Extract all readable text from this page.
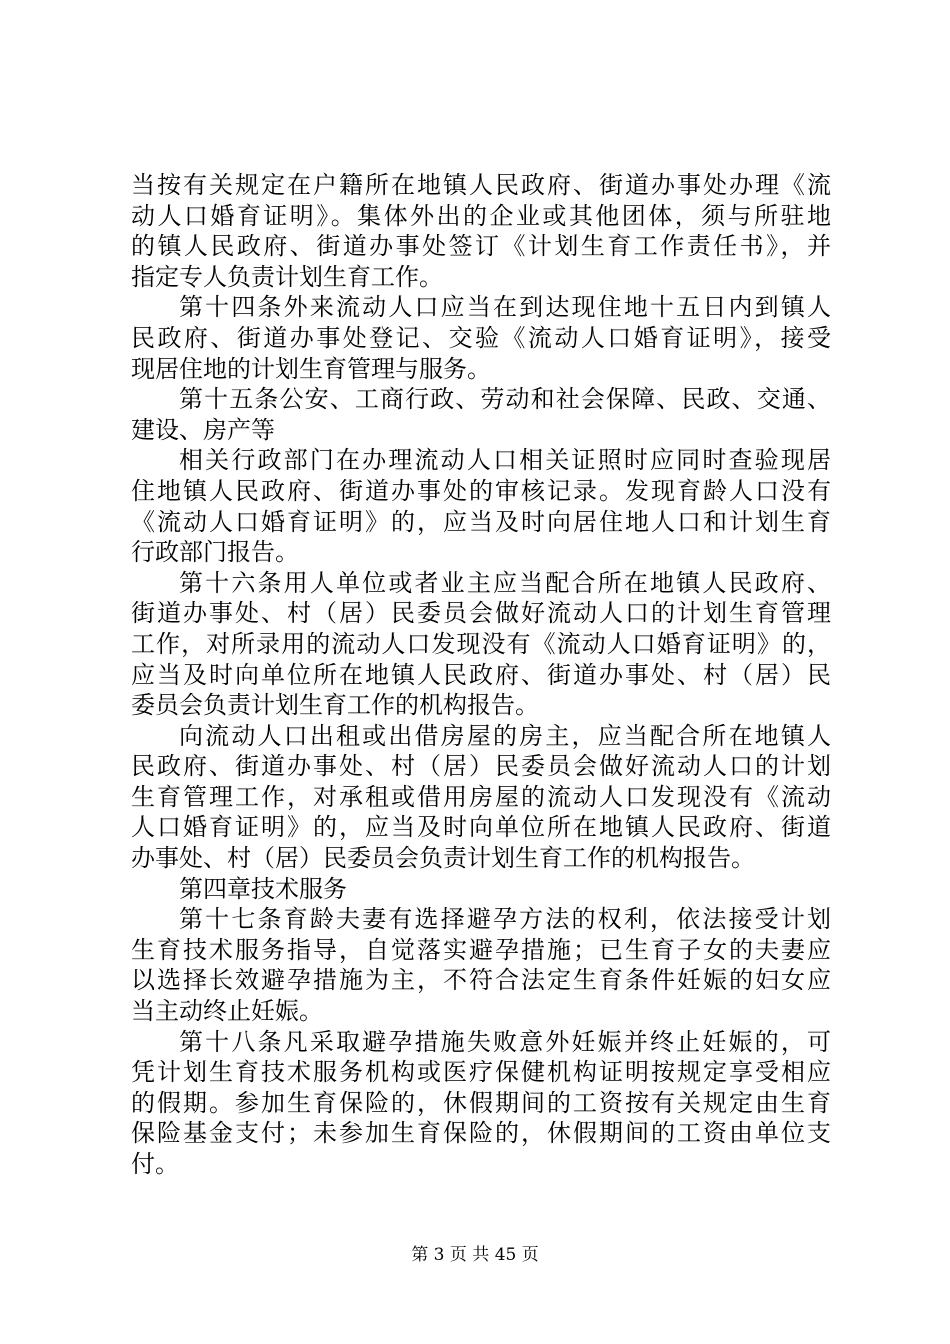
当按有关规定在户籍所在地镇人民政府、街道办事处办理《流
动人口婚育证明》。集体外出的企业或其他团体，须与所驻地
的镇人民政府、街道办事处签订《计划生育工作责任书》，并
指定专人负责计划生育工作。
第十四条外来流动人口应当在到达现住地十五日内到镇人
民政府、街道办事处登记、交验《流动人口婚育证明》，接受
现居住地的计划生育管理与服务。
第十五条公安、工商行政、劳动和社会保障、民政、交通、
建设、房产等
相关行政部门在办理流动人口相关证照时应同时查验现居
住地镇人民政府、街道办事处的审核记录。发现育龄人口没有
《流动人口婚育证明》的，应当及时向居住地人口和计划生育
行政部门报告。
第十六条用人单位或者业主应当配合所在地镇人民政府、
街道办事处、村（居）民委员会做好流动人口的计划生育管理
工作，对所录用的流动人口发现没有《流动人口婚育证明》的，
应当及时向单位所在地镇人民政府、街道办事处、村（居）民
委员会负责计划生育工作的机构报告。
向流动人口出租或出借房屋的房主，应当配合所在地镇人
民政府、街道办事处、村（居）民委员会做好流动人口的计划
生育管理工作，对承租或借用房屋的流动人口发现没有《流动
人口婚育证明》的，应当及时向单位所在地镇人民政府、街道
办事处、村（居）民委员会负责计划生育工作的机构报告。
第四章技术服务
第十七条育龄夫妻有选择避孕方法的权利，依法接受计划
生育技术服务指导，自觉落实避孕措施；已生育子女的夫妻应
以选择长效避孕措施为主，不符合法定生育条件妊娠的妇女应
当主动终止妊娠。
第十八条凡采取避孕措施失败意外妊娠并终止妊娠的，可
凭计划生育技术服务机构或医疗保健机构证明按规定享受相应
的假期。参加生育保险的，休假期间的工资按有关规定由生育
保险基金支付；未参加生育保险的，休假期间的工资由单位支
付。
第 3 页 共 45 页
